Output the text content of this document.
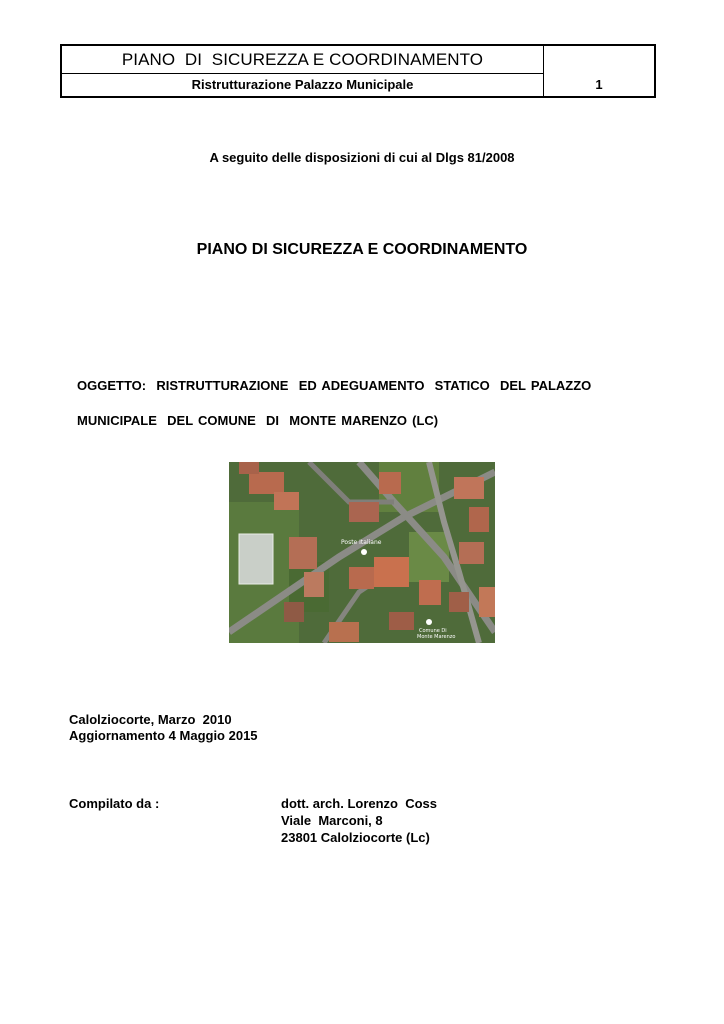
PIANO  DI  SICUREZZA E COORDINAMENTO
Ristrutturazione Palazzo Municipale	1
A seguito delle disposizioni di cui al Dlgs 81/2008
PIANO DI SICUREZZA E COORDINAMENTO
OGGETTO:  RISTRUTTURAZIONE  ED ADEGUAMENTO  STATICO  DEL PALAZZO
MUNICIPALE  DEL COMUNE  DI  MONTE MARENZO (LC)
Poste Italiane
Comune Di
Monte Marenzo
Calolziocorte, Marzo  2010
Aggiornamento 4 Maggio 2015
Compilato da :	dott. arch. Lorenzo  Coss
Viale  Marconi, 8
23801 Calolziocorte (Lc)
